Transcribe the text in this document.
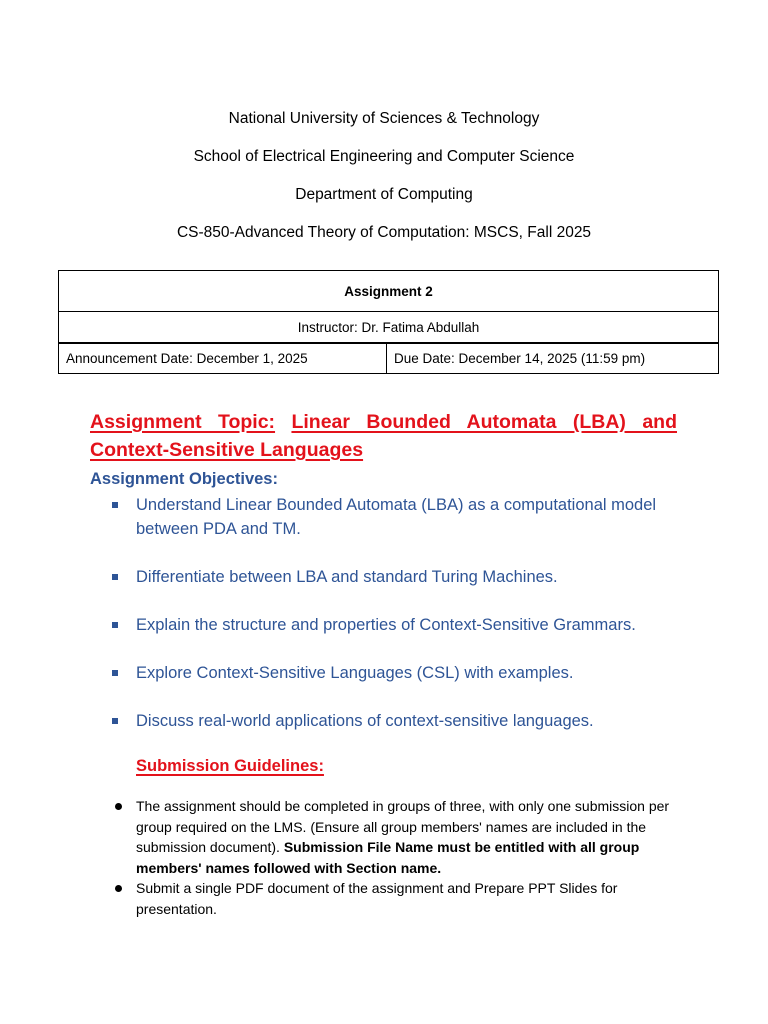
National University of Sciences & Technology
School of Electrical Engineering and Computer Science
Department of Computing
CS-850-Advanced Theory of Computation: MSCS, Fall 2025
Assignment 2
Instructor: Dr. Fatima Abdullah
Announcement Date: December 1, 2025	Due Date: December 14, 2025 (11:59 pm)
Assignment Topic: Linear Bounded Automata (LBA) and Context-Sensitive Languages
Assignment Objectives:
Understand Linear Bounded Automata (LBA) as a computational model between PDA and TM.
Differentiate between LBA and standard Turing Machines.
Explain the structure and properties of Context-Sensitive Grammars.
Explore Context-Sensitive Languages (CSL) with examples.
Discuss real-world applications of context-sensitive languages.
Submission Guidelines:
The assignment should be completed in groups of three, with only one submission per group required on the LMS. (Ensure all group members' names are included in the submission document). Submission File Name must be entitled with all group members' names followed with Section name.
Submit a single PDF document of the assignment and Prepare PPT Slides for presentation.
